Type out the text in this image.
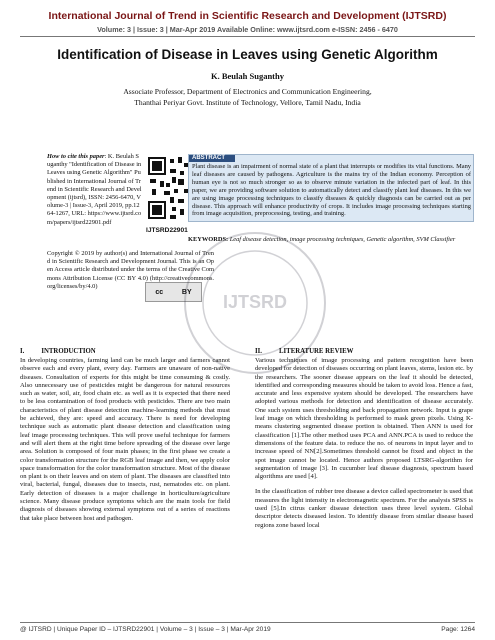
International Journal of Trend in Scientific Research and Development (IJTSRD)
Volume: 3 | Issue: 3 | Mar-Apr 2019 Available Online: www.ijtsrd.com e-ISSN: 2456 - 6470
Identification of Disease in Leaves using Genetic Algorithm
K. Beulah Suganthy
Associate Professor, Department of Electronics and Communication Engineering,
Thanthai Periyar Govt. Institute of Technology, Vellore, Tamil Nadu, India
How to cite this paper: K. Beulah Suganthy "Identification of Disease in Leaves using Genetic Algorithm" Published in International Journal of Trend in Scientific Research and Development (ijtsrd), ISSN: 2456-6470, Volume-3 | Issue-3, April 2019, pp.1264-1267, URL: https://www.ijtsrd.com/papers/ijtsrd22901.pdf
IJTSRD22901
Copyright © 2019 by author(s) and International Journal of Trend in Scientific Research and Development Journal. This is an Open Access article distributed under the terms of the Creative Commons Attribution License (CC BY 4.0) (http://creativecommons.org/licenses/by/4.0)
cc	BY IJTSRD
ABSTRACT
Plant disease is an impairment of normal state of a plant that interrupts or modifies its vital functions. Many leaf diseases are caused by pathogens. Agriculture is the mains try of the Indian economy. Perception of human eye is not so much stronger so as to observe minute variation in the infected part of leaf. In this paper, we are providing software solution to automatically detect and classify plant leaf diseases. In this we are using image processing techniques to classify diseases & quickly diagnosis can be carried out as per disease. This approach will enhance productivity of crops. It includes image processing techniques starting from image acquisition, preprocessing, testing, and training.
KEYWORDS: Leaf disease detection, image processing techniques, Genetic algorithm, SVM Classifier
I.          INTRODUCTION	II.          LITERATURE REVIEW

In developing countries, farming land can be much larger and farmers cannot observe each and every plant, every day. Farmers are unaware of non-native diseases. Consultation of experts for this might be time consuming & costly. Also unnecessary use of pesticides might be dangerous for natural resources such as water, soil, air, food chain etc. as well as it is expected that there need to be less contamination of food products with pesticides. There are two main characteristics of plant disease detection machine-learning methods that must be achieved, they are: speed and accuracy. There is need for developing technique such as automatic plant disease detection and classification using leaf image processing techniques. This will prove useful technique for farmers and will alert them at the right time before spreading of the disease over large area. Solution is composed of four main phases; in the first phase we create a color transformation structure for the RGB leaf image and then, we apply color space transformation for the color transformation structure. Most of the disease on plant is on their leaves and on stem of plant. The diseases are classified into viral, bacterial, fungal, diseases due to insects, rust, nematodes etc. on plant. Early detection of diseases is a major challenge in horticulture/agriculture science. Many disease produce symptoms which are the main tools for field diagnosis of diseases showing external symptoms out of a series of reactions that take place between host and pathogen.

Various techniques of image processing and pattern recognition have been developed for detection of diseases occurring on plant leaves, stems, lesion etc. by the researchers. The sooner disease appears on the leaf it should be detected, identified and corresponding measures should be taken to avoid loss. Hence a fast, accurate and less expensive system should be developed. The researchers have adopted various methods for detection and identification of disease accurately. One such system uses thresholding and back propagation network. Input is grape leaf image on which thresholding is performed to mask green pixels. Using K-means clustering segmented disease portion is obtained. Then ANN is used for classification [1].The other method uses PCA and ANN.PCA is used to reduce the dimensions of the feature data. to reduce the no. of neurons in input layer and to increase speed of NN[2].Sometimes threshold cannot be fixed and object in the spot image cannot be located. Hence authors proposed LTSRG-algorithm for segmentation of image [3]. In cucumber leaf disease diagnosis, spectrum based algorithms are used [4].

In the classification of rubber tree disease a device called spectrometer is used that measures the light intensity in electromagnetic spectrum. For the analysis SPSS is used [5].In citrus canker disease detection uses three level system. Global descriptor detects diseased lesion. To identify disease from similar disease based regions zone based local

@ IJTSRD | Unique Paper ID – IJTSRD22901 | Volume – 3 | Issue – 3 | Mar-Apr 2019	Page: 1264
